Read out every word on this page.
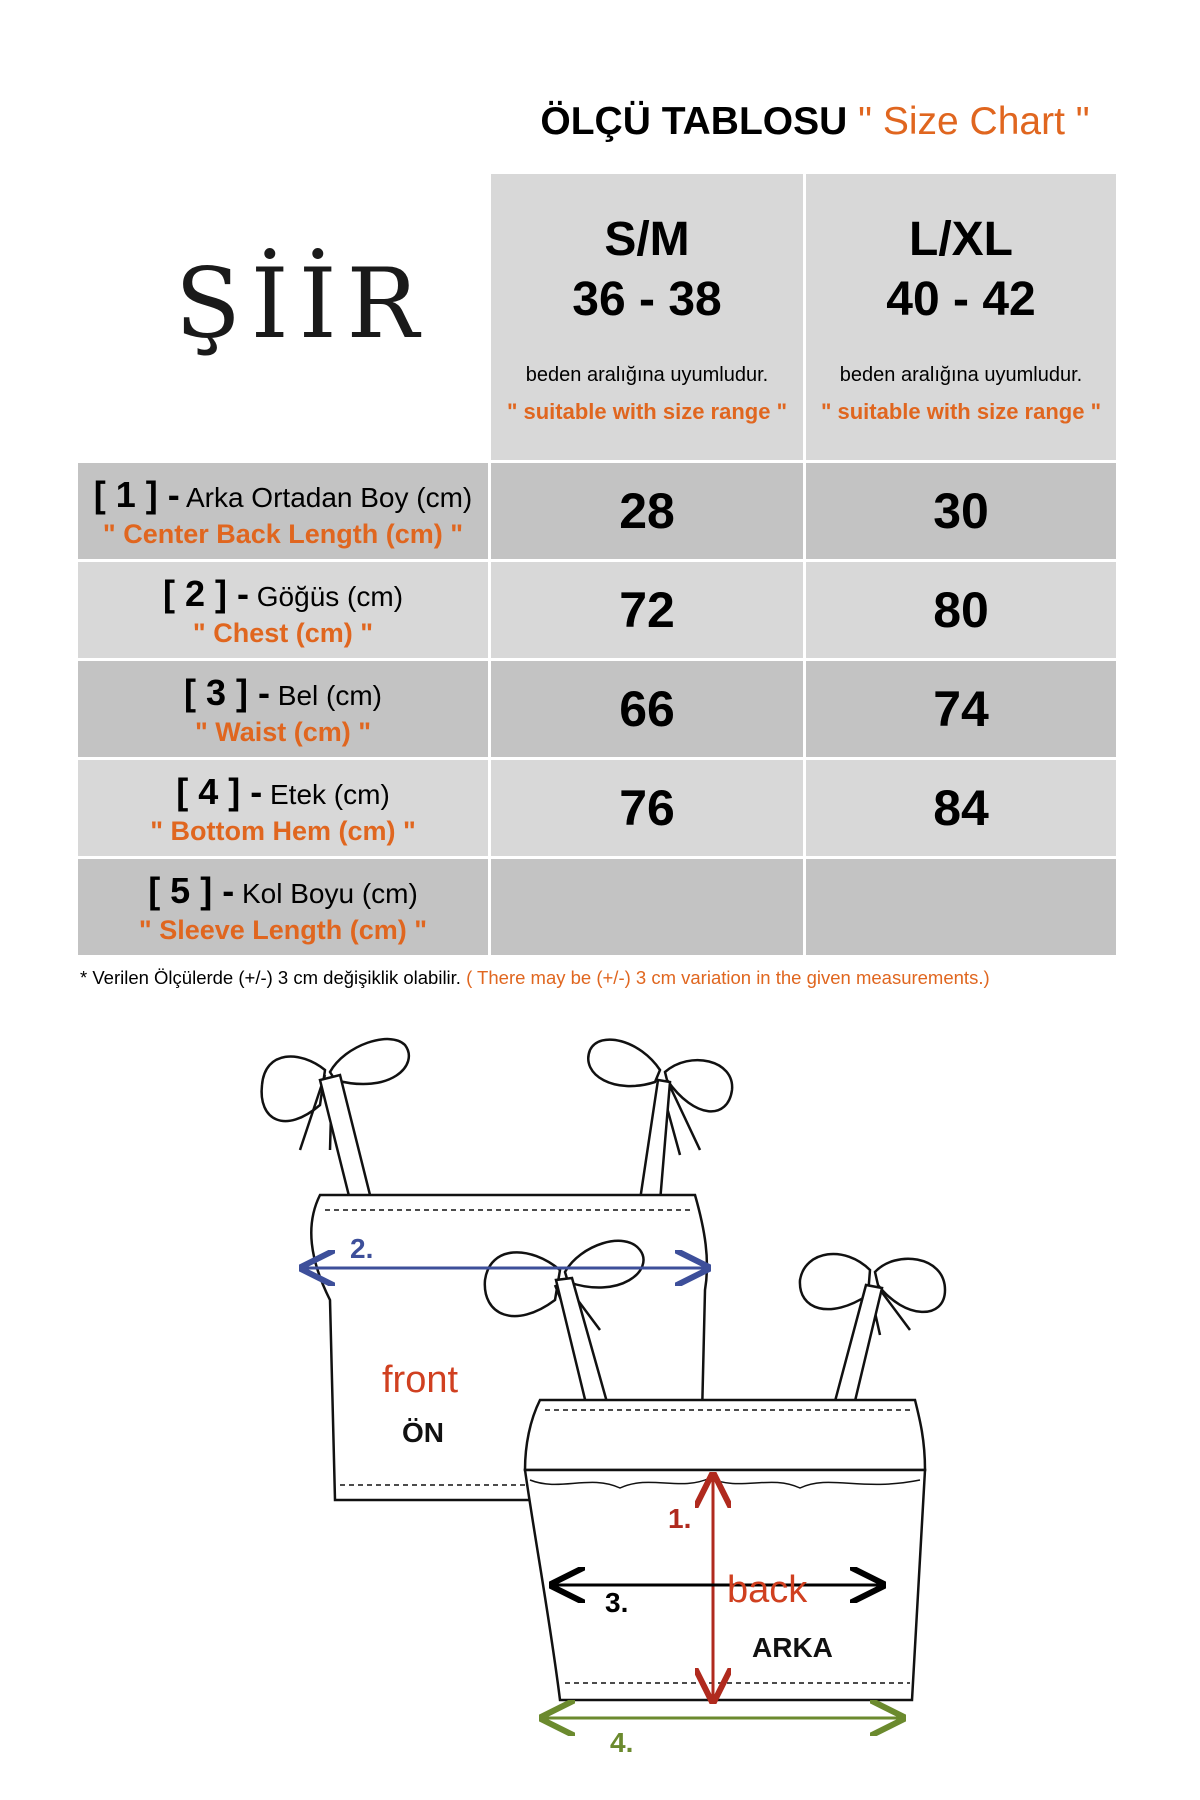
ÖLÇÜ TABLOSU " Size Chart "
ŞİİR
S/M
36 - 38
beden aralığına uyumludur.
" suitable with size range "
L/XL
40 - 42
beden aralığına uyumludur.
" suitable with size range "
[ 1 ] - Arka Ortadan Boy (cm)
" Center Back Length (cm) "	28	30
[ 2 ] - Göğüs (cm)
" Chest (cm) "	72	80
[ 3 ] - Bel (cm)
" Waist (cm) "	66	74
[ 4 ] - Etek (cm)
" Bottom Hem (cm) "	76	84
[ 5 ] - Kol Boyu (cm)
" Sleeve Length (cm) "
* Verilen Ölçülerde (+/-) 3 cm değişiklik olabilir. ( There may be (+/-) 3 cm variation in the given measurements.)
2.
1.
3.
4.
front
ÖN
back
ARKA
